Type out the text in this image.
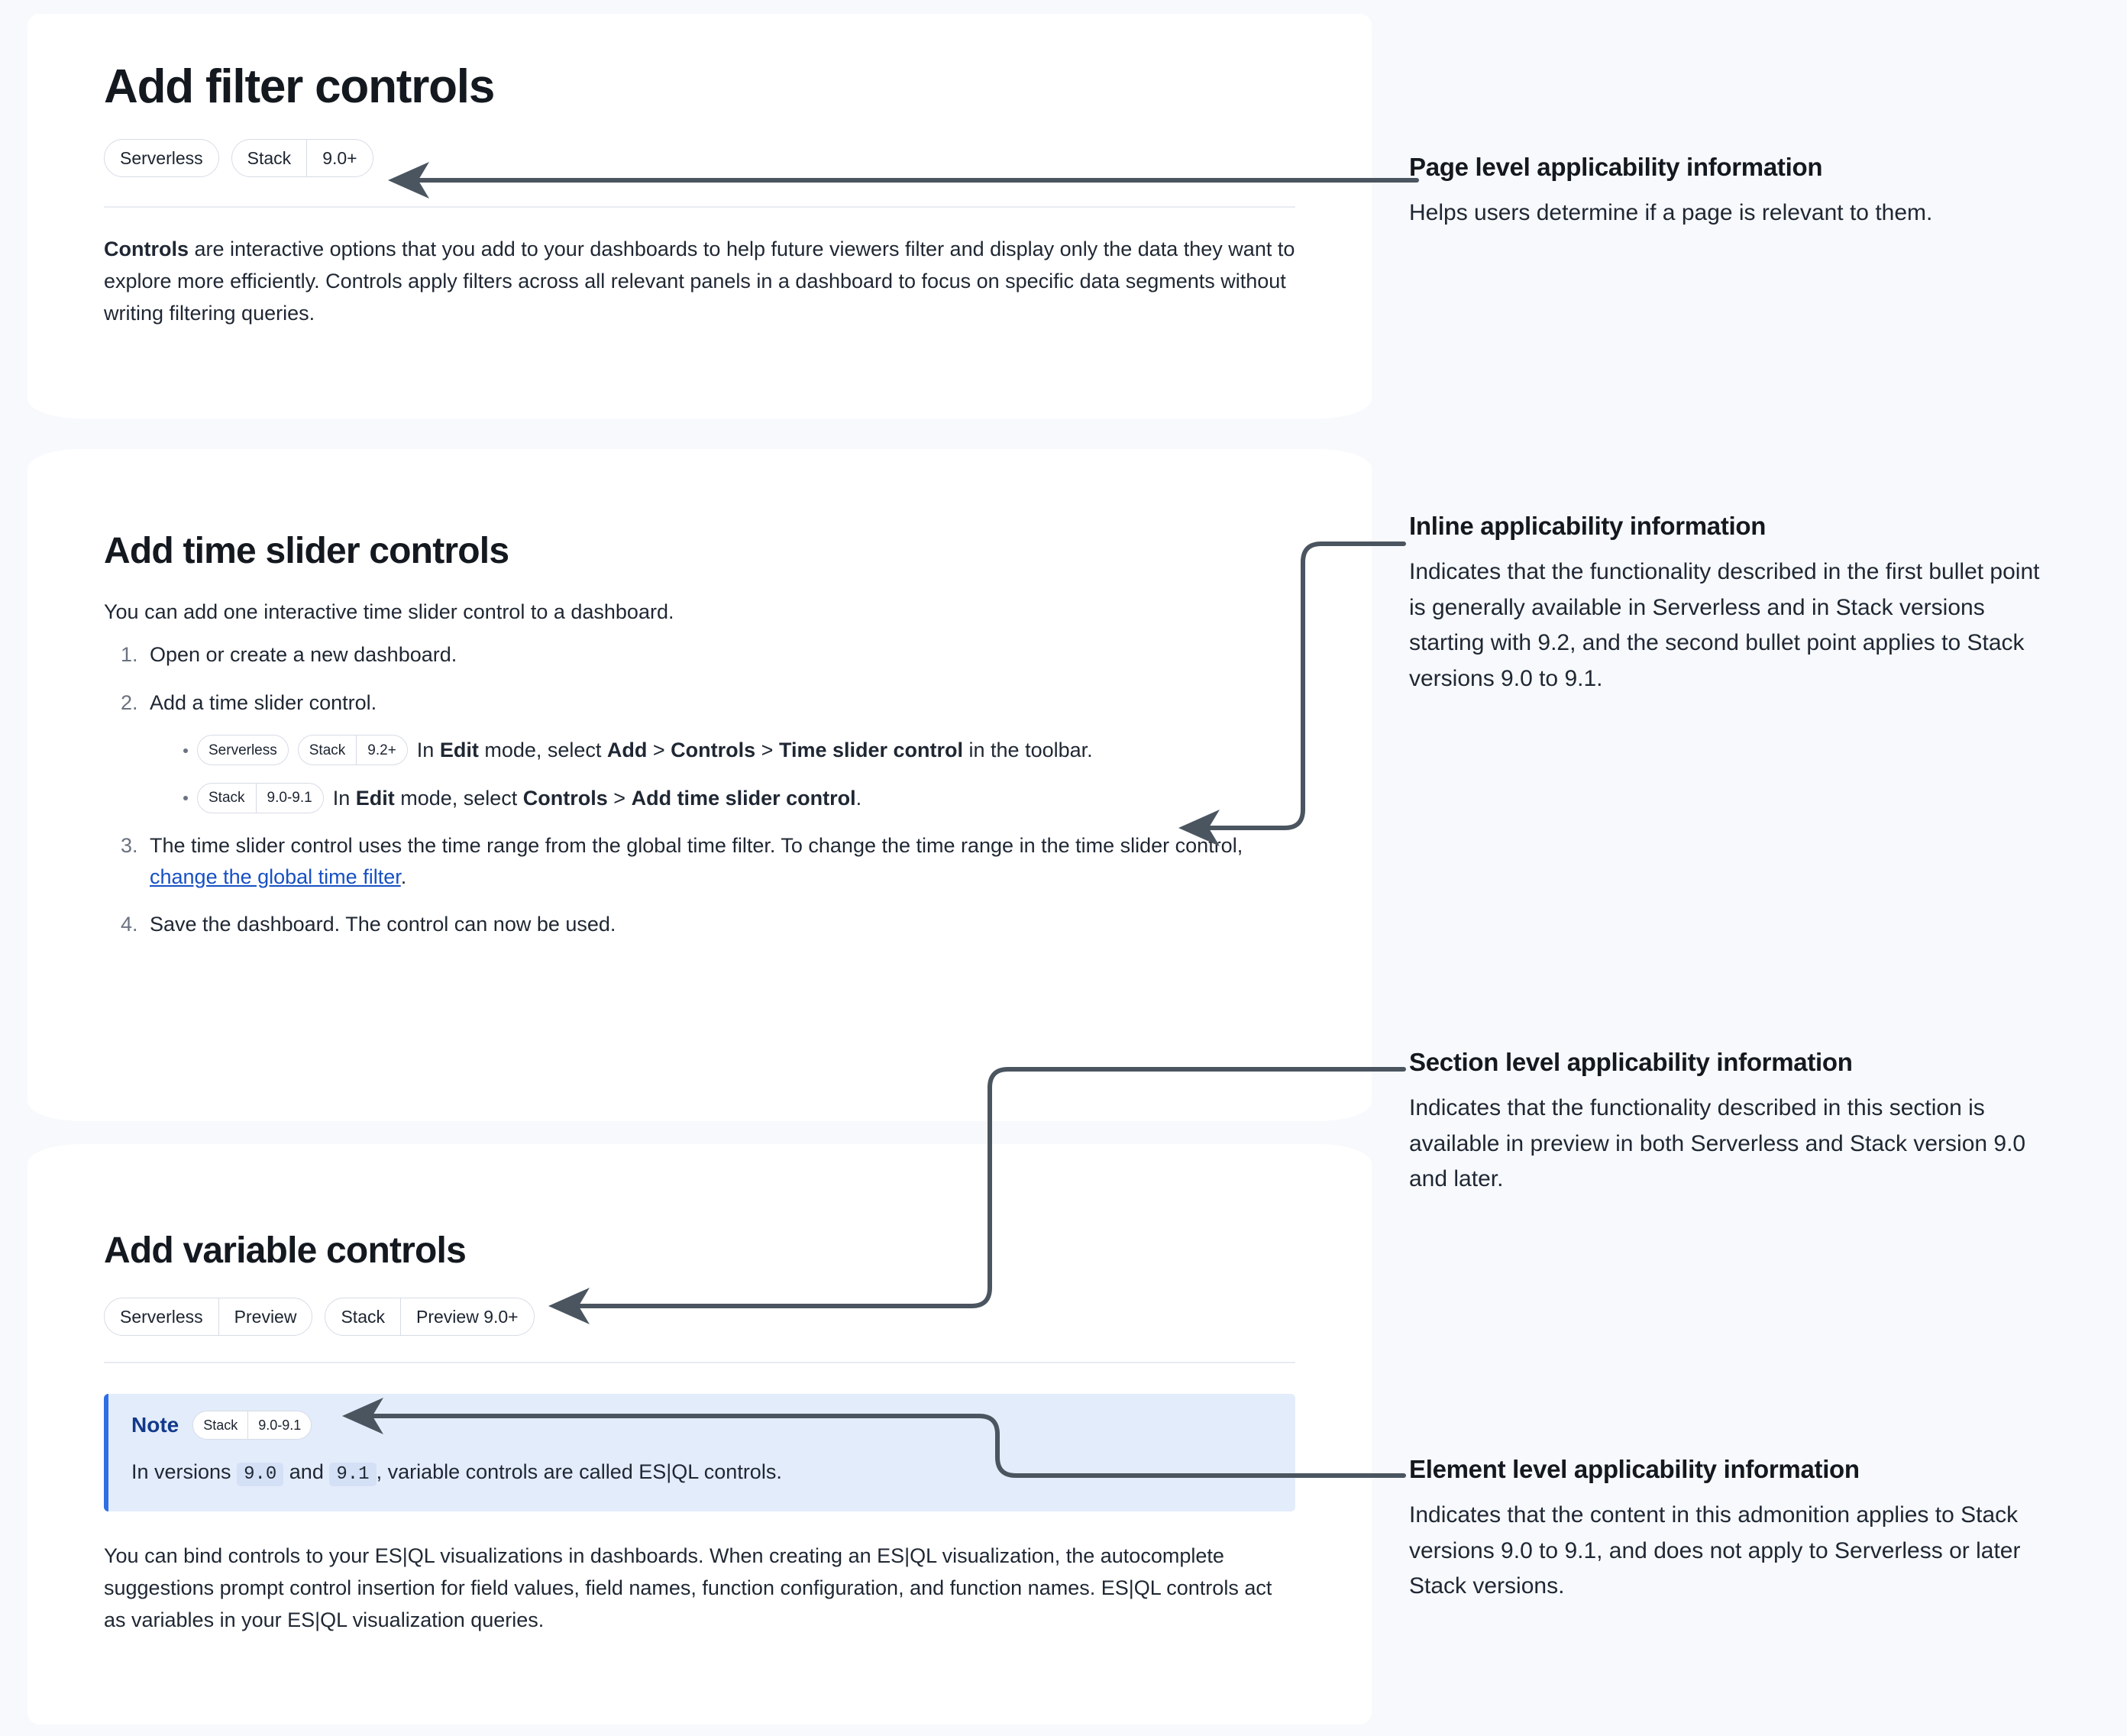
Add filter controls
Serverless	Stack	9.0+

Controls are interactive options that you add to your dashboards to help future viewers filter and display only the data they want to explore more efficiently. Controls apply filters across all relevant panels in a dashboard to focus on specific data segments without writing filtering queries.

Add time slider controls

You can add one interactive time slider control to a dashboard.

1. Open or create a new dashboard.
2. Add a time slider control.
• Serverless	Stack	9.2+	In Edit mode, select Add > Controls > Time slider control in the toolbar.
• Stack	9.0-9.1	In Edit mode, select Controls > Add time slider control.
3. The time slider control uses the time range from the global time filter. To change the time range in the time slider control, change the global time filter.
4. Save the dashboard. The control can now be used.
Add variable controls
Serverless	Preview	Stack	Preview 9.0+
Note	Stack	9.0-9.1
In versions 9.0 and 9.1 , variable controls are called ES|QL controls.

You can bind controls to your ES|QL visualizations in dashboards. When creating an ES|QL visualization, the autocomplete suggestions prompt control insertion for field values, field names, function configuration, and function names. ES|QL controls act as variables in your ES|QL visualization queries.

Page level applicability information

Helps users determine if a page is relevant to them.

Inline applicability information

Indicates that the functionality described in the first bullet point is generally available in Serverless and in Stack versions starting with 9.2, and the second bullet point applies to Stack versions 9.0 to 9.1.

Section level applicability information

Indicates that the functionality described in this section is available in preview in both Serverless and Stack version 9.0 and later.

Element level applicability information

Indicates that the content in this admonition applies to Stack versions 9.0 to 9.1, and does not apply to Serverless or later Stack versions.
